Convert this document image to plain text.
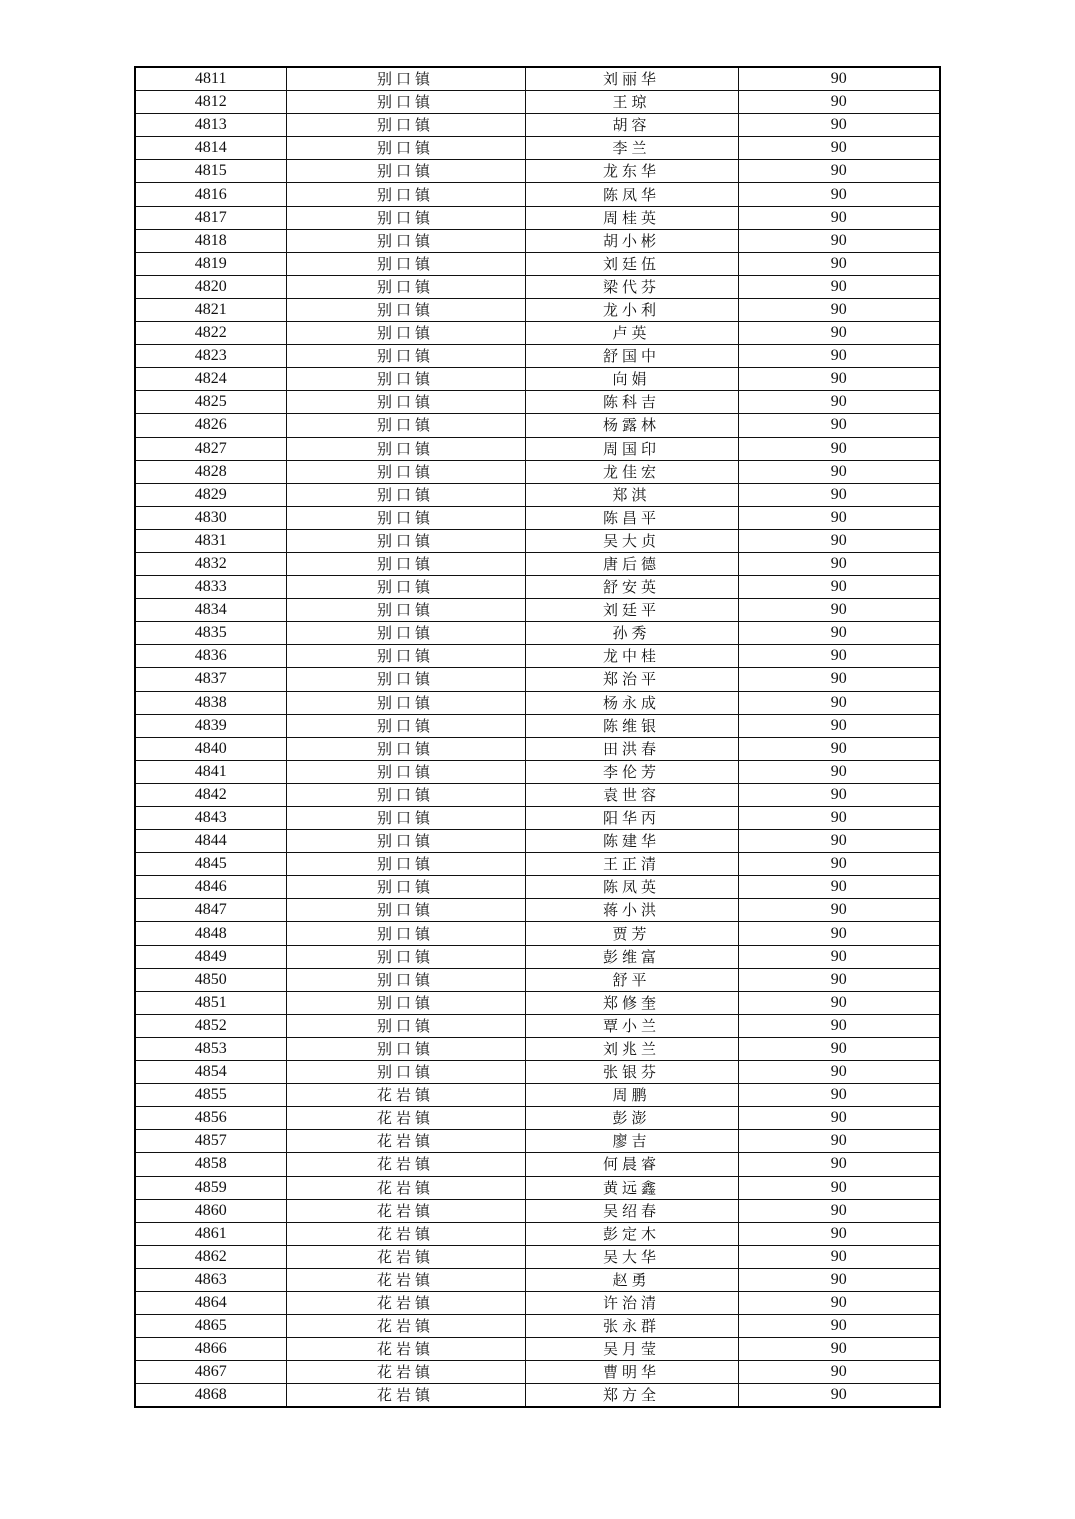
4811	别口镇	刘丽华	90
4812	别口镇	王琼	90
4813	别口镇	胡容	90
4814	别口镇	李兰	90
4815	别口镇	龙东华	90
4816	别口镇	陈凤华	90
4817	别口镇	周桂英	90
4818	别口镇	胡小彬	90
4819	别口镇	刘廷伍	90
4820	别口镇	梁代芬	90
4821	别口镇	龙小利	90
4822	别口镇	卢英	90
4823	别口镇	舒国中	90
4824	别口镇	向娟	90
4825	别口镇	陈科吉	90
4826	别口镇	杨露林	90
4827	别口镇	周国印	90
4828	别口镇	龙佳宏	90
4829	别口镇	郑淇	90
4830	别口镇	陈昌平	90
4831	别口镇	吴大贞	90
4832	别口镇	唐后德	90
4833	别口镇	舒安英	90
4834	别口镇	刘廷平	90
4835	别口镇	孙秀	90
4836	别口镇	龙中桂	90
4837	别口镇	郑治平	90
4838	别口镇	杨永成	90
4839	别口镇	陈维银	90
4840	别口镇	田洪春	90
4841	别口镇	李伦芳	90
4842	别口镇	袁世容	90
4843	别口镇	阳华丙	90
4844	别口镇	陈建华	90
4845	别口镇	王正清	90
4846	别口镇	陈凤英	90
4847	别口镇	蒋小洪	90
4848	别口镇	贾芳	90
4849	别口镇	彭维富	90
4850	别口镇	舒平	90
4851	别口镇	郑修奎	90
4852	别口镇	覃小兰	90
4853	别口镇	刘兆兰	90
4854	别口镇	张银芬	90
4855	花岩镇	周鹏	90
4856	花岩镇	彭澎	90
4857	花岩镇	廖吉	90
4858	花岩镇	何晨睿	90
4859	花岩镇	黄远鑫	90
4860	花岩镇	吴绍春	90
4861	花岩镇	彭定木	90
4862	花岩镇	吴大华	90
4863	花岩镇	赵勇	90
4864	花岩镇	许治清	90
4865	花岩镇	张永群	90
4866	花岩镇	吴月莹	90
4867	花岩镇	曹明华	90
4868	花岩镇	郑方全	90
